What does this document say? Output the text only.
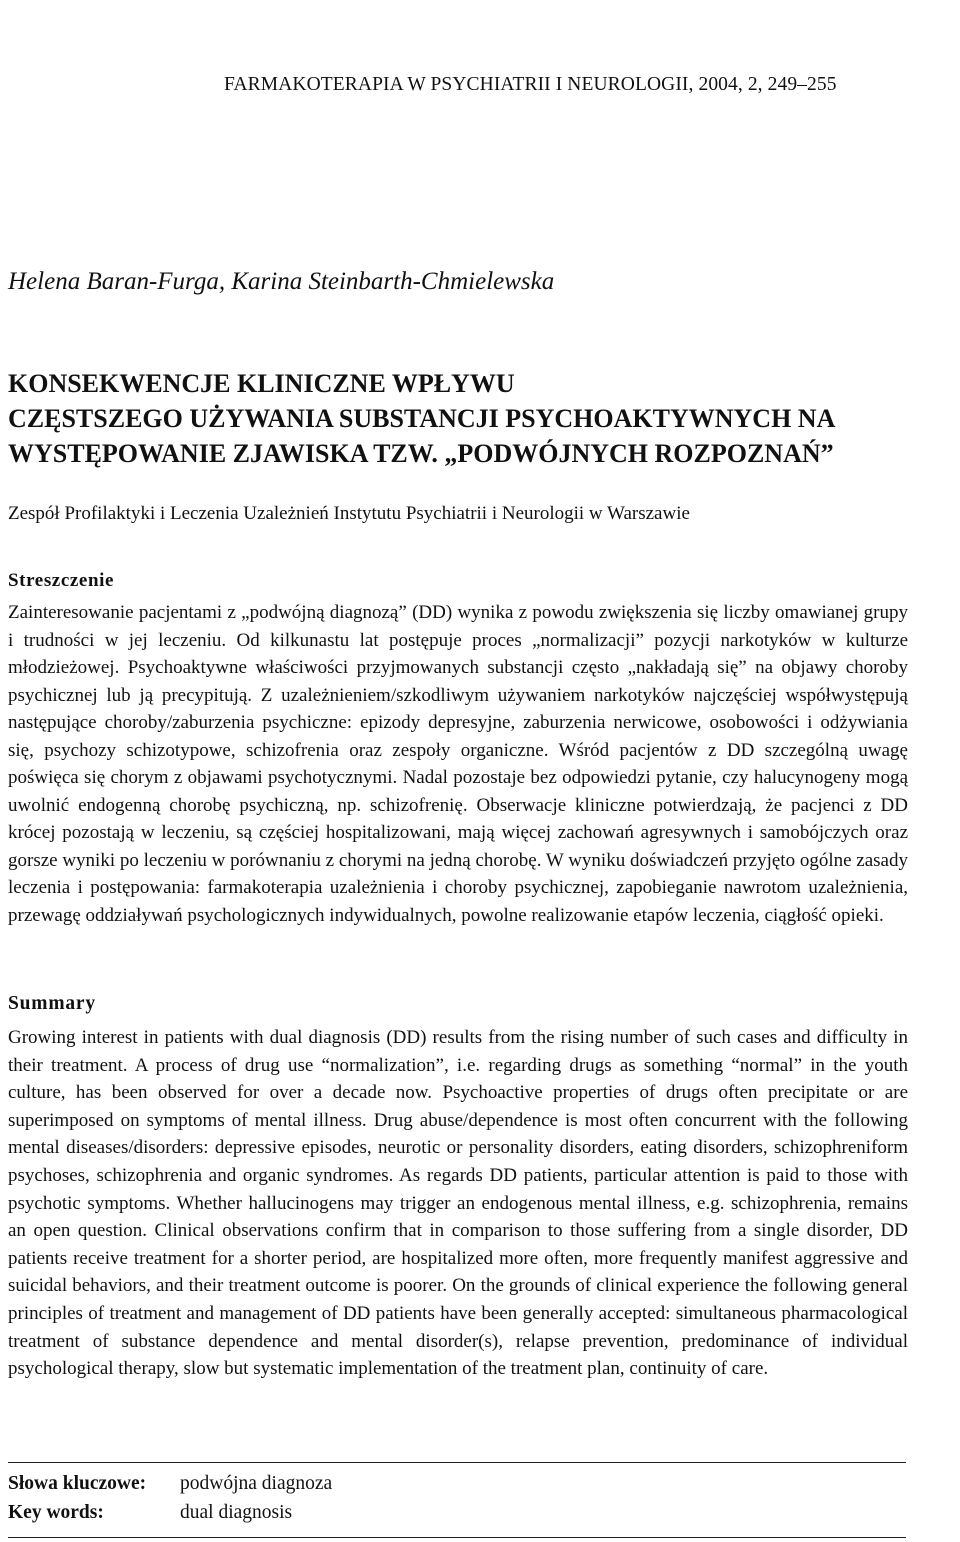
FARMAKOTERAPIA W PSYCHIATRII I NEUROLOGII, 2004, 2, 249–255
Helena Baran-Furga, Karina Steinbarth-Chmielewska
KONSEKWENCJE KLINICZNE WPŁYWU
CZĘSTSZEGO UŻYWANIA SUBSTANCJI PSYCHOAKTYWNYCH NA
WYSTĘPOWANIE ZJAWISKA TZW. „PODWÓJNYCH ROZPOZNAŃ”
Zespół Profilaktyki i Leczenia Uzależnień Instytutu Psychiatrii i Neurologii w Warszawie
Streszczenie
Zainteresowanie pacjentami z „podwójną diagnozą” (DD) wynika z powodu zwiększenia się liczby omawianej grupy i trudności w jej leczeniu. Od kilkunastu lat postępuje proces „normalizacji” pozycji narkotyków w kulturze młodzieżowej. Psychoaktywne właściwości przyjmowanych substancji często „nakładają się” na objawy choroby psychicznej lub ją precypitują. Z uzależnieniem/szkodliwym używaniem narkotyków najczęściej współwystępują następujące choroby/zaburzenia psychiczne: epizody depresyjne, zaburzenia nerwicowe, osobowości i odżywiania się, psychozy schizotypowe, schizofrenia oraz zespoły organiczne. Wśród pacjentów z DD szczególną uwagę poświęca się chorym z objawami psychotycznymi. Nadal pozostaje bez odpowiedzi pytanie, czy halucynogeny mogą uwolnić endogenną chorobę psychiczną, np. schizofrenię. Obserwacje kliniczne potwierdzają, że pacjenci z DD krócej pozostają w leczeniu, są częściej hospitalizowani, mają więcej zachowań agresywnych i samobójczych oraz gorsze wyniki po leczeniu w porównaniu z chorymi na jedną chorobę. W wyniku doświadczeń przyjęto ogólne zasady leczenia i postępowania: farmakoterapia uzależnienia i choroby psychicznej, zapobieganie nawrotom uzależnienia, przewagę oddziaływań psychologicznych indywidualnych, powolne realizowanie etapów leczenia, ciągłość opieki.
Summary
Growing interest in patients with dual diagnosis (DD) results from the rising number of such cases and difficulty in their treatment. A process of drug use “normalization”, i.e. regarding drugs as something “normal” in the youth culture, has been observed for over a decade now. Psychoactive properties of drugs often precipitate or are superimposed on symptoms of mental illness. Drug abuse/dependence is most often concurrent with the following mental diseases/disorders: depressive episodes, neurotic or personality disorders, eating disorders, schizophreniform psychoses, schizophrenia and organic syndromes. As regards DD patients, particular attention is paid to those with psychotic symptoms. Whether hallucinogens may trigger an endogenous mental illness, e.g. schizophrenia, remains an open question. Clinical observations confirm that in comparison to those suffering from a single disorder, DD patients receive treatment for a shorter period, are hospitalized more often, more frequently manifest aggressive and suicidal behaviors, and their treatment outcome is poorer. On the grounds of clinical experience the following general principles of treatment and management of DD patients have been generally accepted: simultaneous pharmacological treatment of substance dependence and mental disorder(s), relapse prevention, predominance of individual psychological therapy, slow but systematic implementation of the treatment plan, continuity of care.
Słowa kluczowe: podwójna diagnoza
Key words:	dual diagnosis
